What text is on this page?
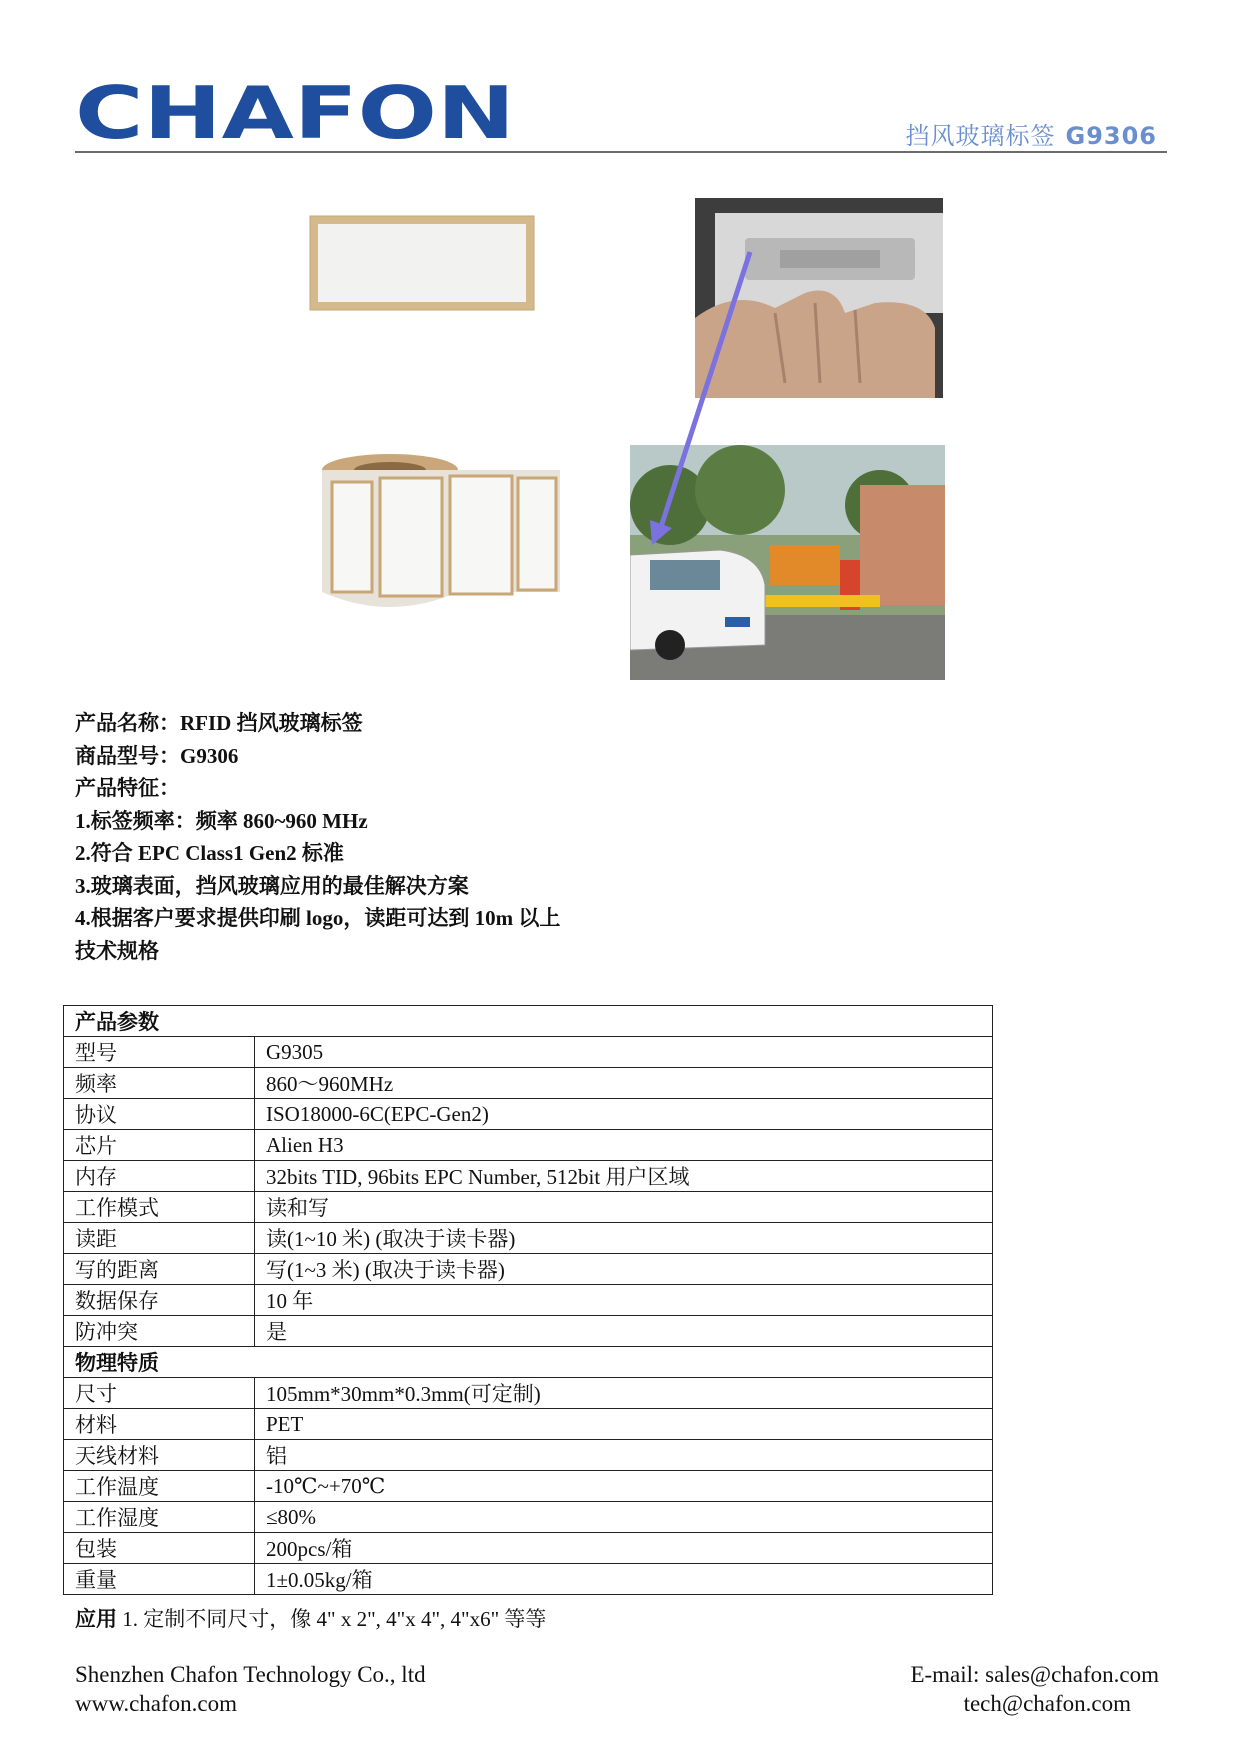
CHAFON	挡风玻璃标签 G9306
产品名称：RFID 挡风玻璃标签
商品型号：G9306
产品特征：
1.标签频率：频率 860~960 MHz
2.符合 EPC Class1 Gen2 标准
3.玻璃表面，挡风玻璃应用的最佳解决方案
4.根据客户要求提供印刷 logo，读距可达到 10m 以上
技术规格
产品参数	
型号	G9305
频率	860～960MHz
协议	ISO18000-6C(EPC-Gen2)
芯片	Alien H3
内存	32bits TID, 96bits EPC Number, 512bit 用户区域
工作模式	读和写
读距	读(1~10 米) (取决于读卡器)
写的距离	写(1~3 米) (取决于读卡器)
数据保存	10 年
防冲突	是
物理特质	
尺寸	105mm*30mm*0.3mm(可定制)
材料	PET
天线材料	铝
工作温度	-10℃~+70℃
工作湿度	≤80%
包装	200pcs/箱
重量	1±0.05kg/箱
应用 1. 定制不同尺寸，像 4" x 2", 4"x 4", 4"x6" 等等
Shenzhen Chafon Technology Co., ltd
www.chafon.com
E-mail: sales@chafon.com
tech@chafon.com
